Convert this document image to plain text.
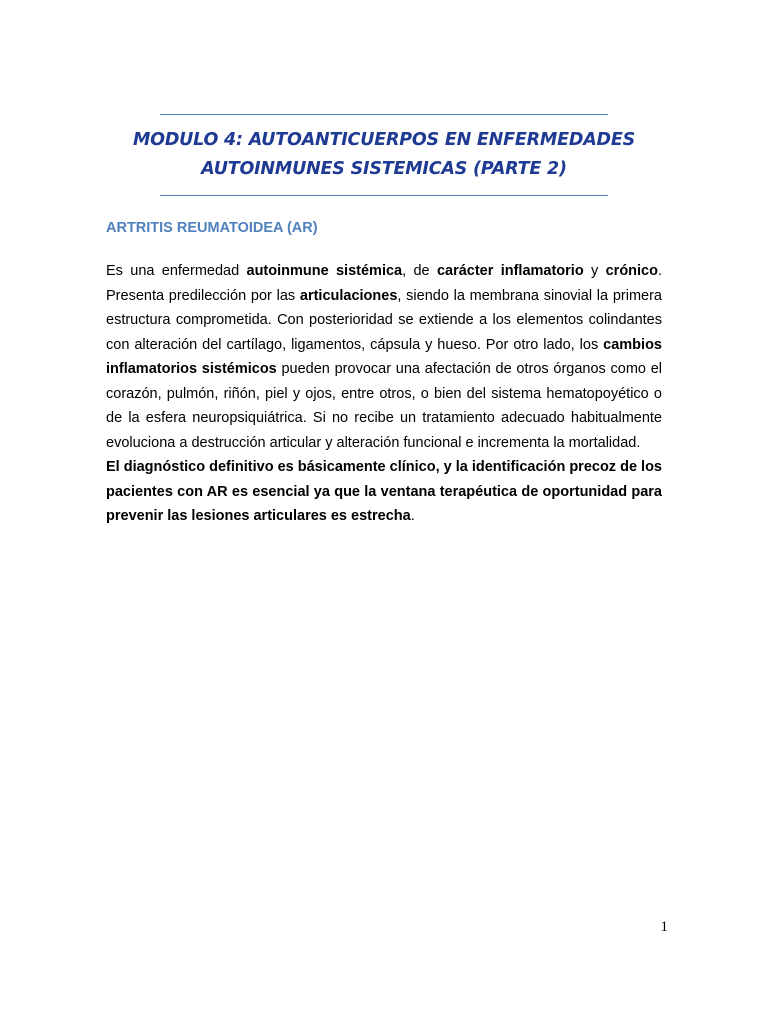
MODULO 4: AUTOANTICUERPOS EN ENFERMEDADES
AUTOINMUNES SISTEMICAS (PARTE 2)
ARTRITIS REUMATOIDEA (AR)

Es una enfermedad autoinmune sistémica, de carácter inflamatorio y crónico. Presenta predilección por las articulaciones, siendo la membrana sinovial la primera estructura comprometida. Con posterioridad se extiende a los elementos colindantes con alteración del cartílago, ligamentos, cápsula y hueso. Por otro lado, los cambios inflamatorios sistémicos pueden provocar una afectación de otros órganos como el corazón, pulmón, riñón, piel y ojos, entre otros, o bien del sistema hematopoyético o de la esfera neuropsiquiátrica. Si no recibe un tratamiento adecuado habitualmente evoluciona a destrucción articular y alteración funcional e incrementa la mortalidad.

El diagnóstico definitivo es básicamente clínico, y la identificación precoz de los pacientes con AR es esencial ya que la ventana terapéutica de oportunidad para prevenir las lesiones articulares es estrecha.

1
